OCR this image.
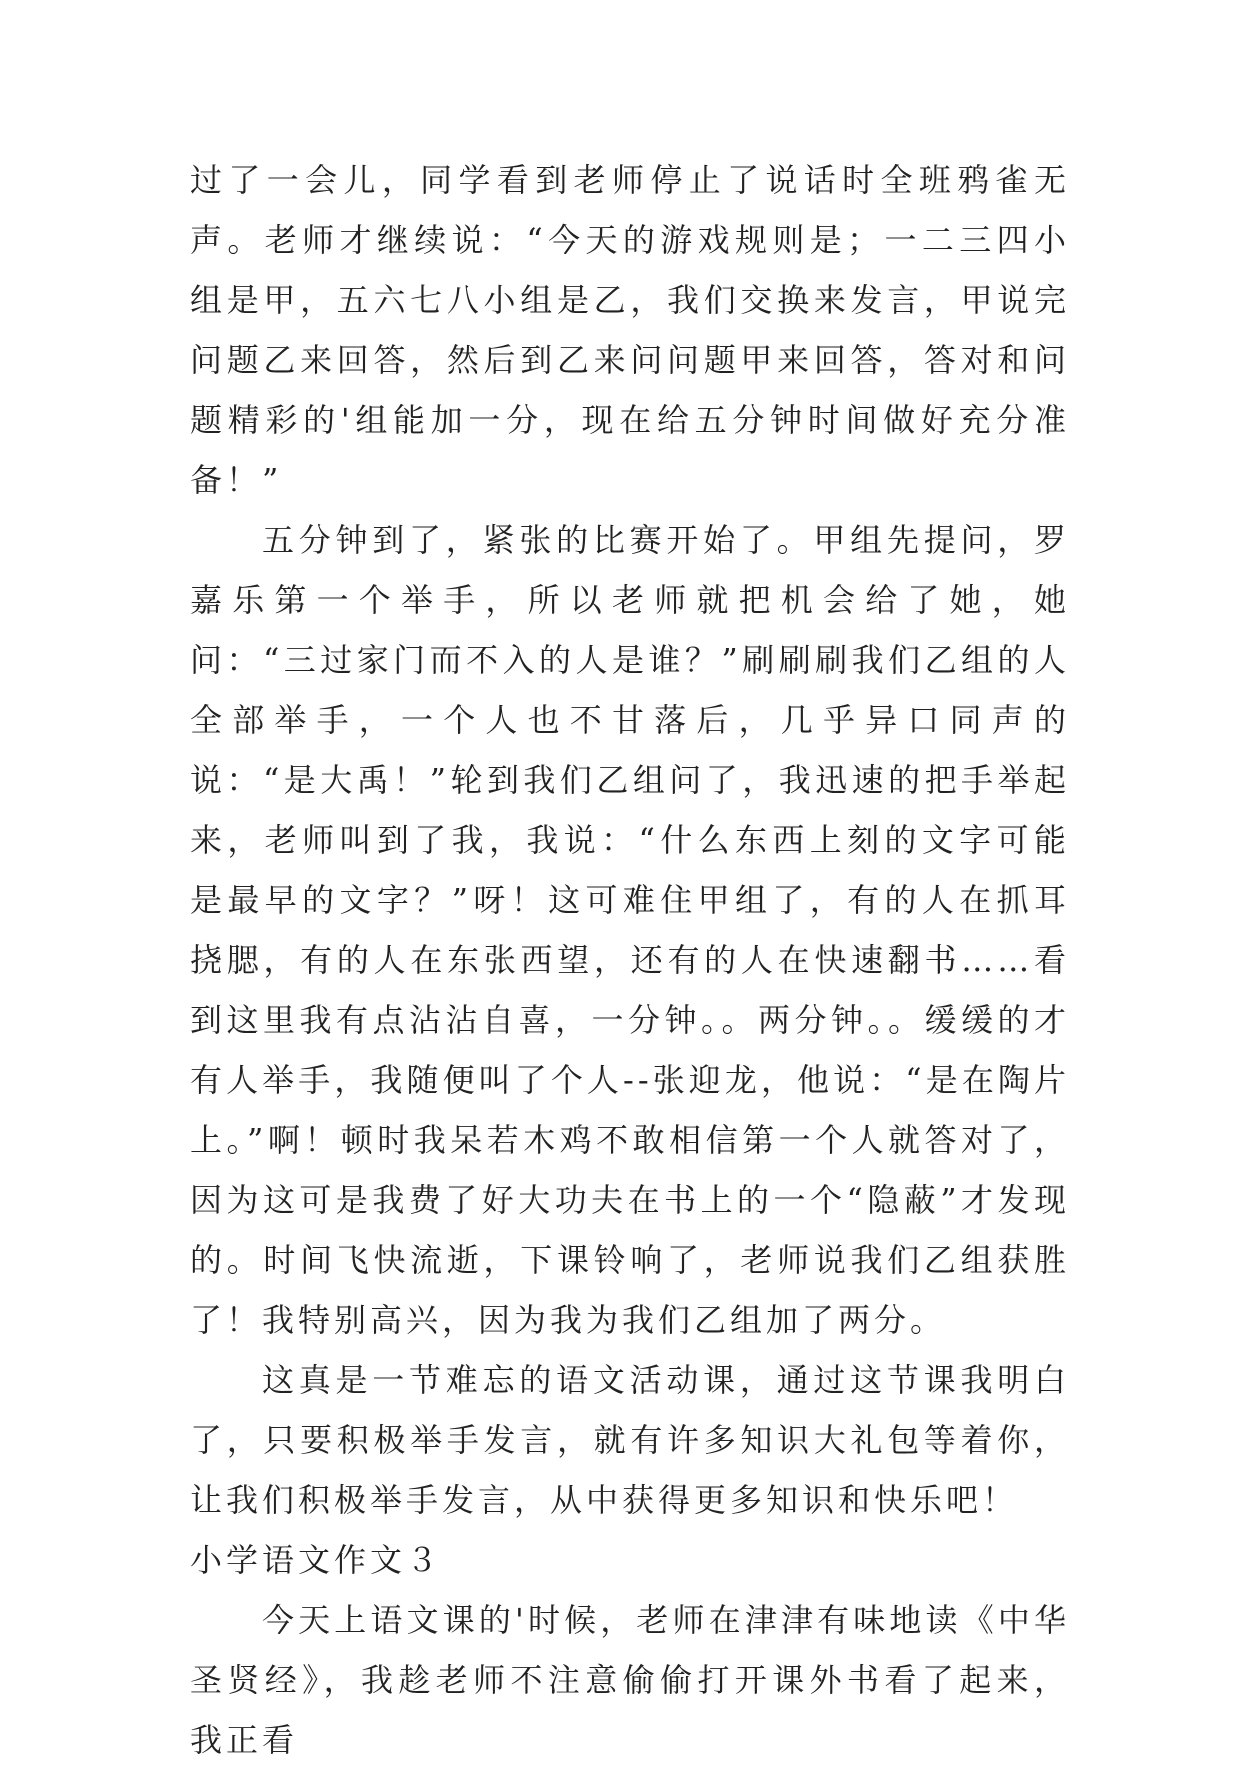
过了一会儿，同学看到老师停止了说话时全班鸦雀无声。老师才继续说：“今天的游戏规则是；一二三四小组是甲，五六七八小组是乙，我们交换来发言，甲说完问题乙来回答，然后到乙来问问题甲来回答，答对和问题精彩的'组能加一分，现在给五分钟时间做好充分准备！”

五分钟到了，紧张的比赛开始了。甲组先提问，罗嘉乐第一个举手，所以老师就把机会给了她，她问：“三过家门而不入的人是谁？”刷刷刷我们乙组的人全部举手，一个人也不甘落后，几乎异口同声的说：“是大禹！”轮到我们乙组问了，我迅速的把手举起来，老师叫到了我，我说：“什么东西上刻的文字可能是最早的文字？”呀！这可难住甲组了，有的人在抓耳挠腮，有的人在东张西望，还有的人在快速翻书……看到这里我有点沾沾自喜，一分钟。。两分钟。。缓缓的才有人举手，我随便叫了个人--张迎龙，他说：“是在陶片上。”啊！顿时我呆若木鸡不敢相信第一个人就答对了，因为这可是我费了好大功夫在书上的一个“隐蔽”才发现的。时间飞快流逝，下课铃响了，老师说我们乙组获胜了！我特别高兴，因为我为我们乙组加了两分。

这真是一节难忘的语文活动课，通过这节课我明白了，只要积极举手发言，就有许多知识大礼包等着你，让我们积极举手发言，从中获得更多知识和快乐吧！

小学语文作文３

今天上语文课的'时候，老师在津津有味地读《中华圣贤经》，我趁老师不注意偷偷打开课外书看了起来，我正看
